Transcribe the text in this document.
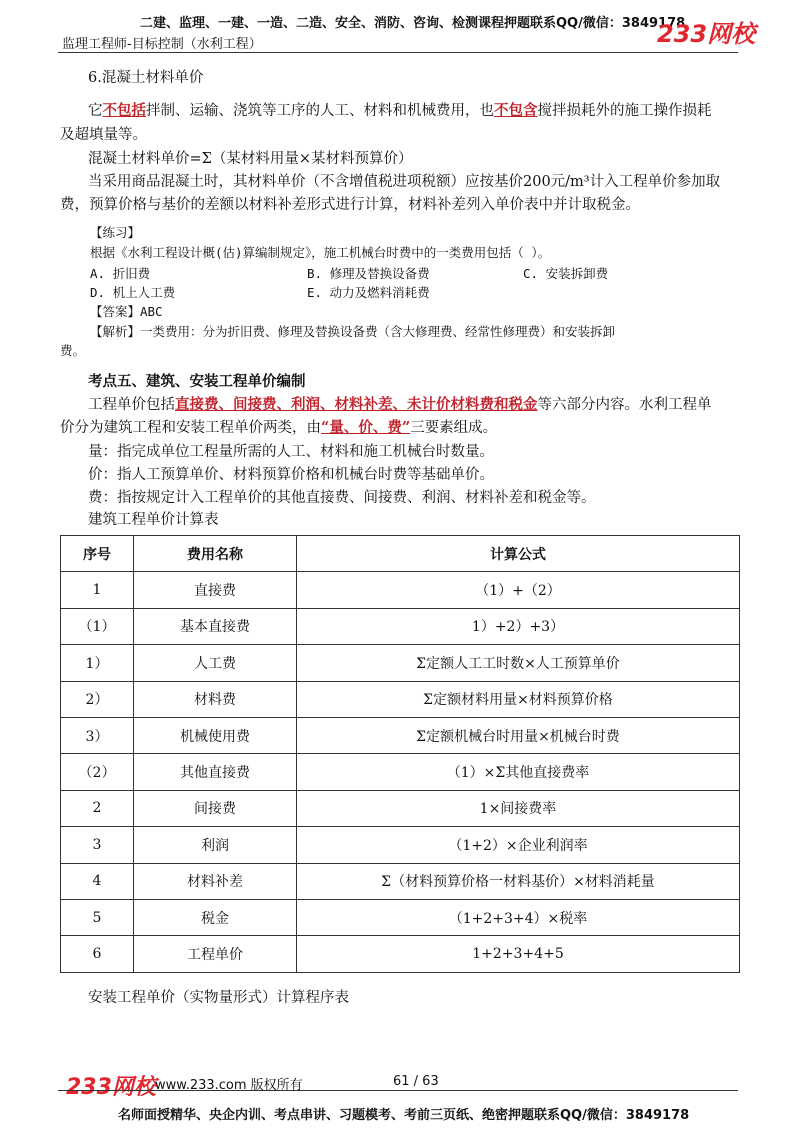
二建、监理、一建、一造、二造、安全、消防、咨询、检测课程押题联系QQ/微信：3849178
监理工程师-目标控制（水利工程）	233网校
6.混凝土材料单价
它不包括拌制、运输、浇筑等工序的人工、材料和机械费用，也不包含搅拌损耗外的施工操作损耗
及超填量等。
混凝土材料单价=Σ（某材料用量×某材料预算价）
当采用商品混凝土时，其材料单价（不含增值税进项税额）应按基价200元/m³计入工程单价参加取
费，预算价格与基价的差额以材料补差形式进行计算，材料补差列入单价表中并计取税金。
【练习】
根据《水利工程设计概(估)算编制规定》，施工机械台时费中的一类费用包括（ ）。
A. 折旧费	B. 修理及替换设备费	C. 安装拆卸费
D. 机上人工费	E. 动力及燃料消耗费
【答案】ABC
【解析】一类费用：分为折旧费、修理及替换设备费（含大修理费、经常性修理费）和安装拆卸
费。
考点五、建筑、安装工程单价编制
工程单价包括直接费、间接费、利润、材料补差、未计价材料费和税金等六部分内容。水利工程单
价分为建筑工程和安装工程单价两类，由“量、价、费”三要素组成。
量：指完成单位工程量所需的人工、材料和施工机械台时数量。
价：指人工预算单价、材料预算价格和机械台时费等基础单价。
费：指按规定计入工程单价的其他直接费、间接费、利润、材料补差和税金等。
建筑工程单价计算表
序号	费用名称	计算公式
1	直接费	（1）+（2）
（1）	基本直接费	1）+2）+3）
1）	人工费	Σ定额人工工时数×人工预算单价
2）	材料费	Σ定额材料用量×材料预算价格
3）	机械使用费	Σ定额机械台时用量×机械台时费
（2）	其他直接费	（1）×Σ其他直接费率
2	间接费	1×间接费率
3	利润	（1+2）×企业利润率
4	材料补差	Σ（材料预算价格一材料基价）×材料消耗量
5	税金	（1+2+3+4）×税率
6	工程单价	1+2+3+4+5
安装工程单价（实物量形式）计算程序表
233网校 www.233.com 版权所有	61 / 63
名师面授精华、央企内训、考点串讲、习题模考、考前三页纸、绝密押题联系QQ/微信：3849178
